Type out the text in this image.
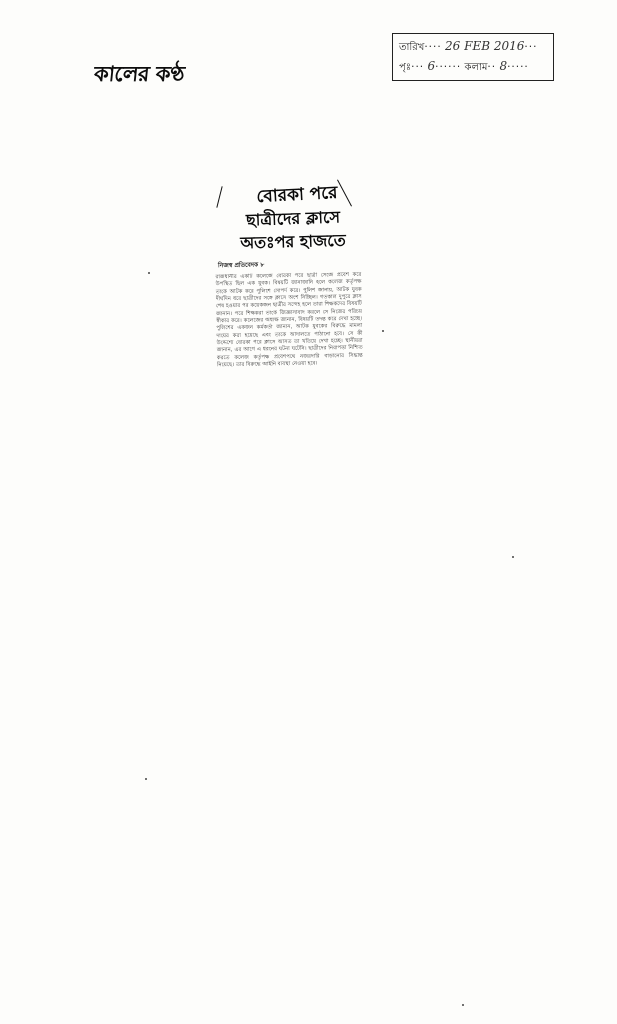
কালের কণ্ঠ
তারিখ···· 26 FEB 2016···
পৃঃ··· 6······ কলাম·· 8·····
বোরকা পরে
ছাত্রীদের ক্লাসে
অতঃপর হাজতে
নিজস্ব প্রতিবেদক ৮
রাজধানীর একটি কলেজে বোরকা পরে ছাত্রী সেজে প্রবেশ করে উপস্থিত ছিল এক যুবক। বিষয়টি জানাজানি হলে কলেজ কর্তৃপক্ষ তাকে আটক করে পুলিশে সোপর্দ করে। পুলিশ জানায়, আটক যুবক দীর্ঘদিন ধরে ছাত্রীদের সঙ্গে ক্লাসে অংশ নিচ্ছিল। গতকাল দুপুরে ক্লাস শেষ হওয়ার পর কয়েকজন ছাত্রীর সন্দেহ হলে তারা শিক্ষকদের বিষয়টি জানান। পরে শিক্ষকরা তাকে জিজ্ঞাসাবাদ করলে সে নিজের পরিচয় স্বীকার করে। কলেজের অধ্যক্ষ জানান, বিষয়টি তদন্ত করে দেখা হচ্ছে। পুলিশের একজন কর্মকর্তা জানান, আটক যুবকের বিরুদ্ধে মামলা দায়ের করা হয়েছে এবং তাকে আদালতে পাঠানো হবে। সে কী উদ্দেশ্যে বোরকা পরে ক্লাসে আসত তা খতিয়ে দেখা হচ্ছে। স্থানীয়রা জানান, এর আগে এ ধরনের ঘটনা ঘটেনি। ছাত্রীদের নিরাপত্তা নিশ্চিত করতে কলেজ কর্তৃপক্ষ প্রবেশপথে নজরদারি বাড়ানোর সিদ্ধান্ত নিয়েছে। তার বিরুদ্ধে আইনি ব্যবস্থা নেওয়া হবে।
